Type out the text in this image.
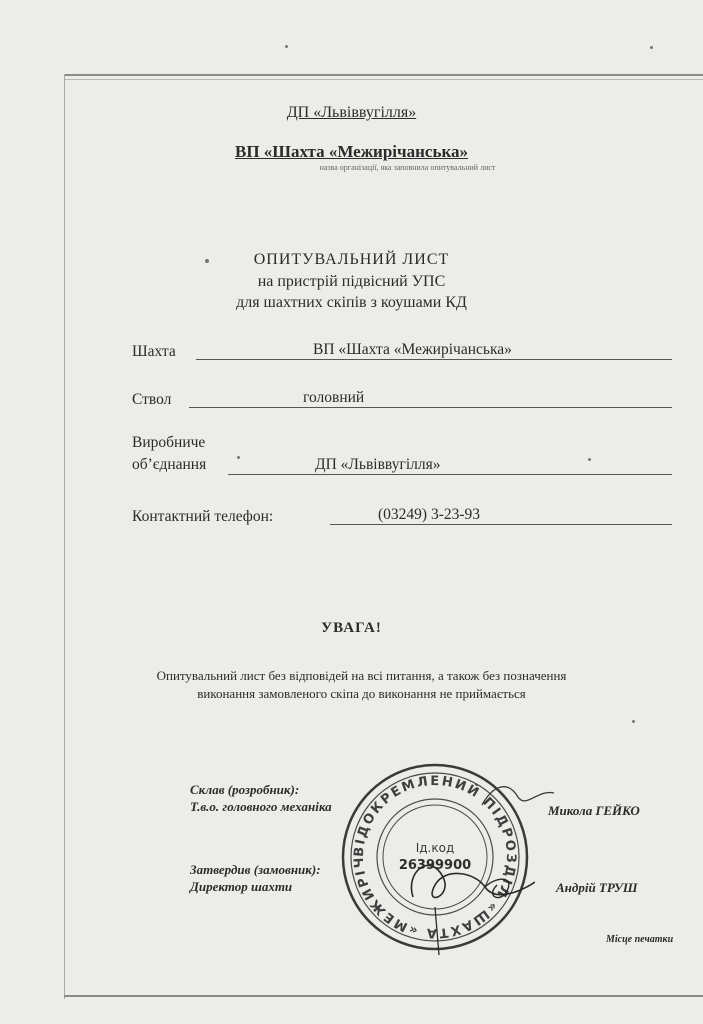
ДП «Львіввугілля»
ВП «Шахта «Межирічанська»
назва організації, яка заповнила опитувальний лист
ОПИТУВАЛЬНИЙ ЛИСТ
на пристрій підвісний УПС
для шахтних скіпів з коушами КД
Шахта	ВП «Шахта «Межирічанська»
Ствол	головний
Виробниче
об’єднання	ДП «Львіввугілля»
Контактний телефон:	(03249) 3-23-93
УВАГА!
Опитувальний лист без відповідей на всі питання, а також без позначення
виконання замовленого скіпа до виконання не приймається
Склав (розробник):
Т.в.о. головного механіка	Микола ГЕЙКО
Затвердив (замовник):
Директор шахти	Андрій ТРУШ
Місце печатки
ВІДОКРЕМЛЕНИЙ ПІДРОЗДІЛ «ШАХТА «МЕЖИРІЧ
Ід.код
26399900
